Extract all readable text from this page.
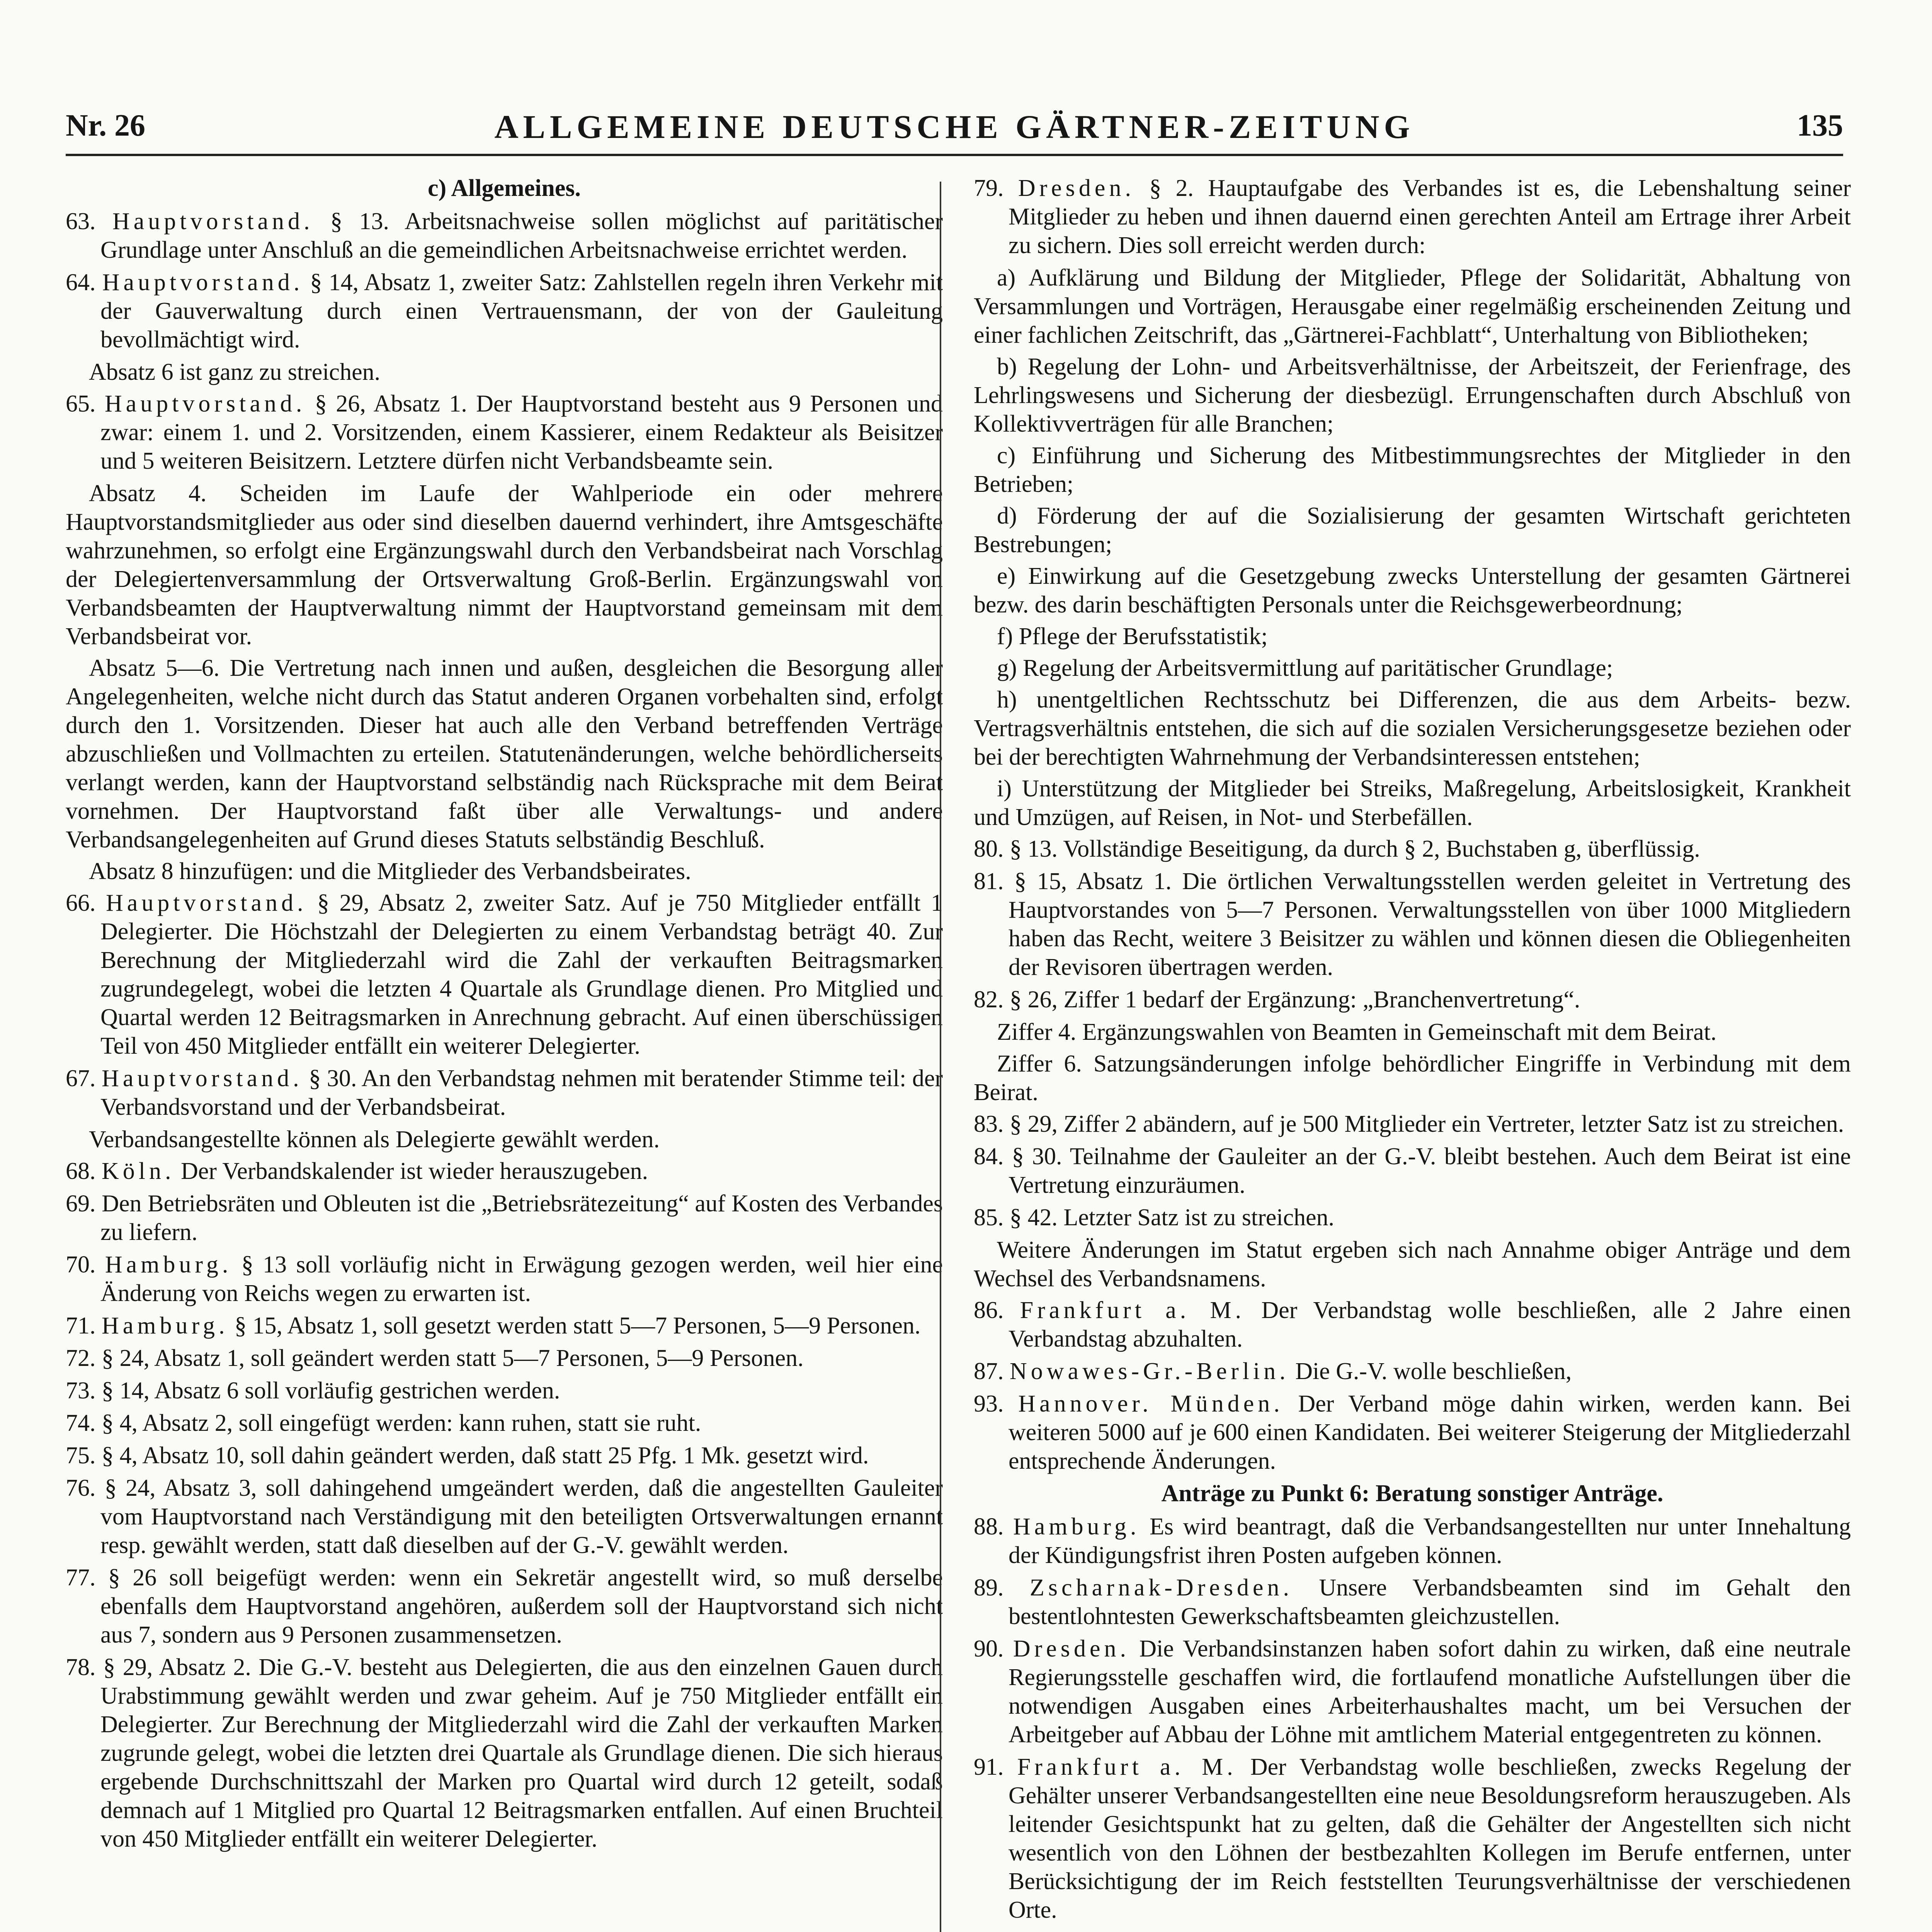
Nr. 26	ALLGEMEINE DEUTSCHE GÄRTNER-ZEITUNG	135
c) Allgemeines.
63. Hauptvorstand. § 13. Arbeitsnachweise sollen möglichst auf paritätischer Grundlage unter Anschluß an die gemeindlichen Arbeitsnachweise errichtet werden.
64. Hauptvorstand. § 14, Absatz 1, zweiter Satz: Zahlstellen regeln ihren Verkehr mit der Gauverwaltung durch einen Vertrauensmann, der von der Gauleitung bevollmächtigt wird.
Absatz 6 ist ganz zu streichen.
65. Hauptvorstand. § 26, Absatz 1. Der Hauptvorstand besteht aus 9 Personen und zwar: einem 1. und 2. Vorsitzenden, einem Kassierer, einem Redakteur als Beisitzer und 5 weiteren Beisitzern. Letztere dürfen nicht Verbandsbeamte sein.
Absatz 4. Scheiden im Laufe der Wahlperiode ein oder mehrere Hauptvorstandsmitglieder aus oder sind dieselben dauernd verhindert, ihre Amtsgeschäfte wahrzunehmen, so erfolgt eine Ergänzungswahl durch den Verbandsbeirat nach Vorschlag der Delegiertenversammlung der Ortsverwaltung Groß-Berlin. Ergänzungswahl von Verbandsbeamten der Hauptverwaltung nimmt der Hauptvorstand gemeinsam mit dem Verbandsbeirat vor.
Absatz 5—6. Die Vertretung nach innen und außen, desgleichen die Besorgung aller Angelegenheiten, welche nicht durch das Statut anderen Organen vorbehalten sind, erfolgt durch den 1. Vorsitzenden. Dieser hat auch alle den Verband betreffenden Verträge abzuschließen und Vollmachten zu erteilen. Statutenänderungen, welche behördlicherseits verlangt werden, kann der Hauptvorstand selbständig nach Rücksprache mit dem Beirat vornehmen. Der Hauptvorstand faßt über alle Verwaltungs- und andere Verbandsangelegenheiten auf Grund dieses Statuts selbständig Beschluß.
Absatz 8 hinzufügen: und die Mitglieder des Verbandsbeirates.
66. Hauptvorstand. § 29, Absatz 2, zweiter Satz. Auf je 750 Mitglieder entfällt 1 Delegierter. Die Höchstzahl der Delegierten zu einem Verbandstag beträgt 40. Zur Berechnung der Mitgliederzahl wird die Zahl der verkauften Beitragsmarken zugrundegelegt, wobei die letzten 4 Quartale als Grundlage dienen. Pro Mitglied und Quartal werden 12 Beitragsmarken in Anrechnung gebracht. Auf einen überschüssigen Teil von 450 Mitglieder entfällt ein weiterer Delegierter.
67. Hauptvorstand. § 30. An den Verbandstag nehmen mit beratender Stimme teil: der Verbandsvorstand und der Verbandsbeirat.
Verbandsangestellte können als Delegierte gewählt werden.
68. Köln. Der Verbandskalender ist wieder herauszugeben.
69. Den Betriebsräten und Obleuten ist die „Betriebsrätezeitung“ auf Kosten des Verbandes zu liefern.
70. Hamburg. § 13 soll vorläufig nicht in Erwägung gezogen werden, weil hier eine Änderung von Reichs wegen zu erwarten ist.
71. Hamburg. § 15, Absatz 1, soll gesetzt werden statt 5—7 Personen, 5—9 Personen.
72. § 24, Absatz 1, soll geändert werden statt 5—7 Personen, 5—9 Personen.
73. § 14, Absatz 6 soll vorläufig gestrichen werden.
74. § 4, Absatz 2, soll eingefügt werden: kann ruhen, statt sie ruht.
75. § 4, Absatz 10, soll dahin geändert werden, daß statt 25 Pfg. 1 Mk. gesetzt wird.
76. § 24, Absatz 3, soll dahingehend umgeändert werden, daß die angestellten Gauleiter vom Hauptvorstand nach Verständigung mit den beteiligten Ortsverwaltungen ernannt resp. gewählt werden, statt daß dieselben auf der G.-V. gewählt werden.
77. § 26 soll beigefügt werden: wenn ein Sekretär angestellt wird, so muß derselbe ebenfalls dem Hauptvorstand angehören, außerdem soll der Hauptvorstand sich nicht aus 7, sondern aus 9 Personen zusammensetzen.
78. § 29, Absatz 2. Die G.-V. besteht aus Delegierten, die aus den einzelnen Gauen durch Urabstimmung gewählt werden und zwar geheim. Auf je 750 Mitglieder entfällt ein Delegierter. Zur Berechnung der Mitgliederzahl wird die Zahl der verkauften Marken zugrunde gelegt, wobei die letzten drei Quartale als Grundlage dienen. Die sich hieraus ergebende Durchschnittszahl der Marken pro Quartal wird durch 12 geteilt, sodaß demnach auf 1 Mitglied pro Quartal 12 Beitragsmarken entfallen. Auf einen Bruchteil von 450 Mitglieder entfällt ein weiterer Delegierter.
79. Dresden. § 2. Hauptaufgabe des Verbandes ist es, die Lebenshaltung seiner Mitglieder zu heben und ihnen dauernd einen gerechten Anteil am Ertrage ihrer Arbeit zu sichern. Dies soll erreicht werden durch:
a) Aufklärung und Bildung der Mitglieder, Pflege der Solidarität, Abhaltung von Versammlungen und Vorträgen, Herausgabe einer regelmäßig erscheinenden Zeitung und einer fachlichen Zeitschrift, das „Gärtnerei-Fachblatt“, Unterhaltung von Bibliotheken;
b) Regelung der Lohn- und Arbeitsverhältnisse, der Arbeitszeit, der Ferienfrage, des Lehrlingswesens und Sicherung der diesbezügl. Errungenschaften durch Abschluß von Kollektivverträgen für alle Branchen;
c) Einführung und Sicherung des Mitbestimmungsrechtes der Mitglieder in den Betrieben;
d) Förderung der auf die Sozialisierung der gesamten Wirtschaft gerichteten Bestrebungen;
e) Einwirkung auf die Gesetzgebung zwecks Unterstellung der gesamten Gärtnerei bezw. des darin beschäftigten Personals unter die Reichsgewerbeordnung;
f) Pflege der Berufsstatistik;
g) Regelung der Arbeitsvermittlung auf paritätischer Grundlage;
h) unentgeltlichen Rechtsschutz bei Differenzen, die aus dem Arbeits- bezw. Vertragsverhältnis entstehen, die sich auf die sozialen Versicherungsgesetze beziehen oder bei der berechtigten Wahrnehmung der Verbandsinteressen entstehen;
i) Unterstützung der Mitglieder bei Streiks, Maßregelung, Arbeitslosigkeit, Krankheit und Umzügen, auf Reisen, in Not- und Sterbefällen.
80. § 13. Vollständige Beseitigung, da durch § 2, Buchstaben g, überflüssig.
81. § 15, Absatz 1. Die örtlichen Verwaltungsstellen werden geleitet in Vertretung des Hauptvorstandes von 5—7 Personen. Verwaltungsstellen von über 1000 Mitgliedern haben das Recht, weitere 3 Beisitzer zu wählen und können diesen die Obliegenheiten der Revisoren übertragen werden.
82. § 26, Ziffer 1 bedarf der Ergänzung: „Branchenvertretung“.
Ziffer 4. Ergänzungswahlen von Beamten in Gemeinschaft mit dem Beirat.
Ziffer 6. Satzungsänderungen infolge behördlicher Eingriffe in Verbindung mit dem Beirat.
83. § 29, Ziffer 2 abändern, auf je 500 Mitglieder ein Vertreter, letzter Satz ist zu streichen.
84. § 30. Teilnahme der Gauleiter an der G.-V. bleibt bestehen. Auch dem Beirat ist eine Vertretung einzuräumen.
85. § 42. Letzter Satz ist zu streichen.
Weitere Änderungen im Statut ergeben sich nach Annahme obiger Anträge und dem Wechsel des Verbandsnamens.
86. Frankfurt a. M. Der Verbandstag wolle beschließen, alle 2 Jahre einen Verbandstag abzuhalten.
87. Nowawes-Gr.-Berlin. Die G.-V. wolle beschließen,
93. Hannover. Münden. Der Verband möge dahin wirken, werden kann. Bei weiteren 5000 auf je 600 einen Kandidaten. Bei weiterer Steigerung der Mitgliederzahl entsprechende Änderungen.
Anträge zu Punkt 6: Beratung sonstiger Anträge.
88. Hamburg. Es wird beantragt, daß die Verbandsangestellten nur unter Innehaltung der Kündigungsfrist ihren Posten aufgeben können.
89. Zscharnak-Dresden. Unsere Verbandsbeamten sind im Gehalt den bestentlohntesten Gewerkschaftsbeamten gleichzustellen.
90. Dresden. Die Verbandsinstanzen haben sofort dahin zu wirken, daß eine neutrale Regierungsstelle geschaffen wird, die fortlaufend monatliche Aufstellungen über die notwendigen Ausgaben eines Arbeiterhaushaltes macht, um bei Versuchen der Arbeitgeber auf Abbau der Löhne mit amtlichem Material entgegentreten zu können.
91. Frankfurt a. M. Der Verbandstag wolle beschließen, zwecks Regelung der Gehälter unserer Verbandsangestellten eine neue Besoldungsreform herauszugeben. Als leitender Gesichtspunkt hat zu gelten, daß die Gehälter der Angestellten sich nicht wesentlich von den Löhnen der bestbezahlten Kollegen im Berufe entfernen, unter Berücksichtigung der im Reich feststellten Teurungsverhältnisse der verschiedenen Orte.
